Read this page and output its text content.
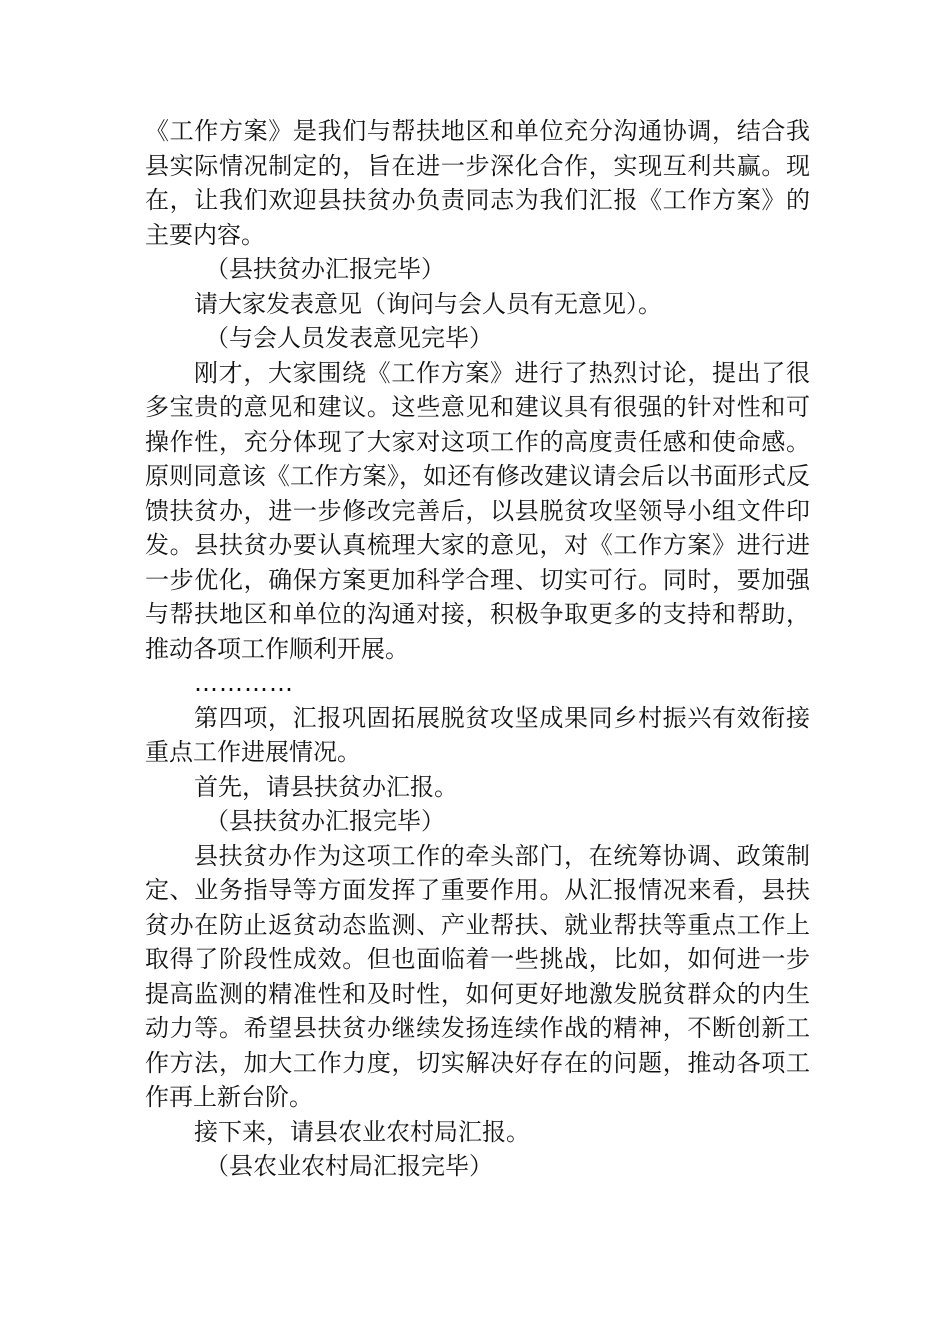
《工作方案》是我们与帮扶地区和单位充分沟通协调，结合我县实际情况制定的，旨在进一步深化合作，实现互利共赢。现在，让我们欢迎县扶贫办负责同志为我们汇报《工作方案》的主要内容。

（县扶贫办汇报完毕）

请大家发表意见（询问与会人员有无意见）。

（与会人员发表意见完毕）

刚才，大家围绕《工作方案》进行了热烈讨论，提出了很多宝贵的意见和建议。这些意见和建议具有很强的针对性和可操作性，充分体现了大家对这项工作的高度责任感和使命感。原则同意该《工作方案》，如还有修改建议请会后以书面形式反馈扶贫办，进一步修改完善后，以县脱贫攻坚领导小组文件印发。县扶贫办要认真梳理大家的意见，对《工作方案》进行进一步优化，确保方案更加科学合理、切实可行。同时，要加强与帮扶地区和单位的沟通对接，积极争取更多的支持和帮助，推动各项工作顺利开展。

…………

第四项，汇报巩固拓展脱贫攻坚成果同乡村振兴有效衔接重点工作进展情况。

首先，请县扶贫办汇报。

（县扶贫办汇报完毕）

县扶贫办作为这项工作的牵头部门，在统筹协调、政策制定、业务指导等方面发挥了重要作用。从汇报情况来看，县扶贫办在防止返贫动态监测、产业帮扶、就业帮扶等重点工作上取得了阶段性成效。但也面临着一些挑战，比如，如何进一步提高监测的精准性和及时性，如何更好地激发脱贫群众的内生动力等。希望县扶贫办继续发扬连续作战的精神，不断创新工作方法，加大工作力度，切实解决好存在的问题，推动各项工作再上新台阶。

接下来，请县农业农村局汇报。

（县农业农村局汇报完毕）
